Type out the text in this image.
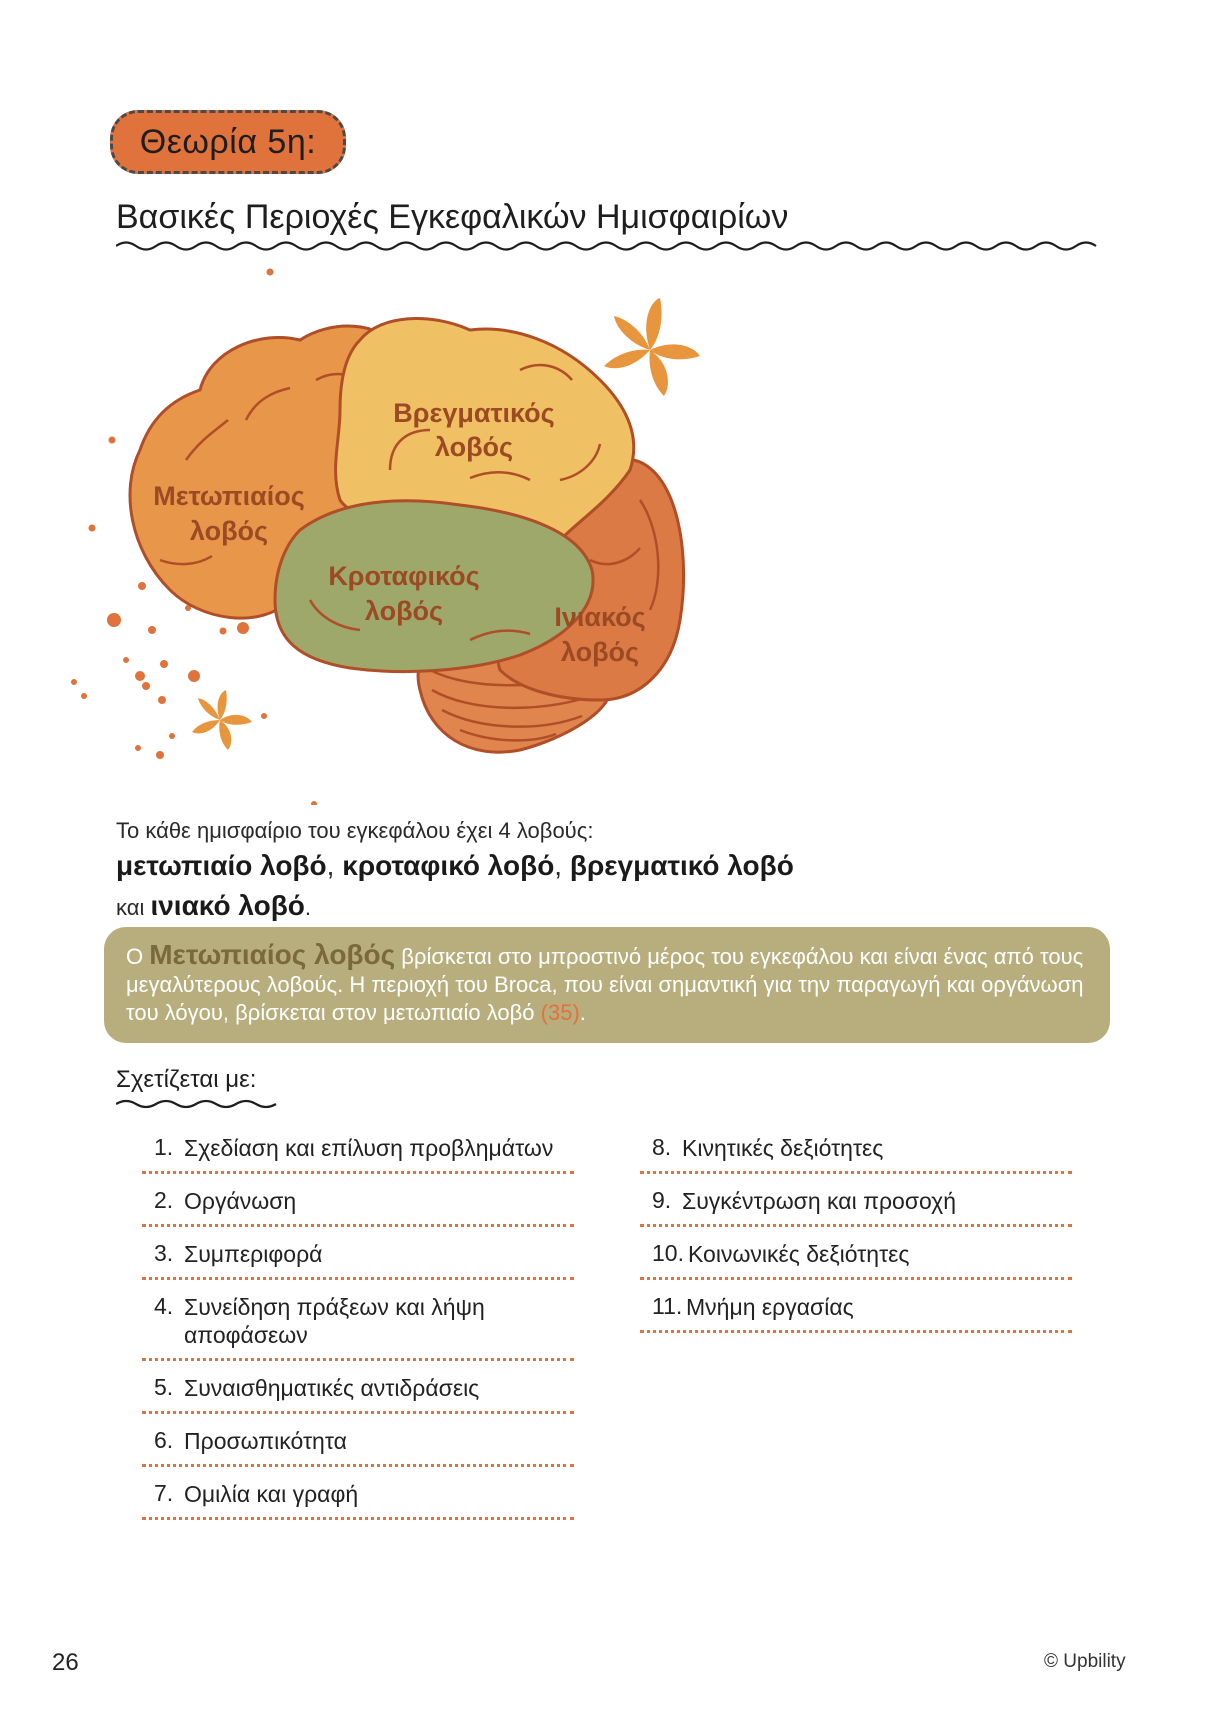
Θεωρία 5η:
Βασικές Περιοχές Εγκεφαλικών Ημισφαιρίων
Μετωπιαίος
λοβός
Βρεγματικός
λοβός
Κροταφικός
λοβός	Ινιακός
λοβός
Το κάθε ημισφαίριο του εγκεφάλου έχει 4 λοβούς:
μετωπιαίο λοβό, κροταφικό λοβό, βρεγματικό λοβό
και ινιακό λοβό.
Ο Μετωπιαίος λοβός βρίσκεται στο μπροστινό μέρος του εγκεφάλου και είναι ένας από τους μεγαλύτερους λοβούς. Η περιοχή του Broca, που είναι σημαντική για την παραγωγή και οργάνωση του λόγου, βρίσκεται στον μετωπιαίο λοβό (35).
Σχετίζεται με:
1. Σχεδίαση και επίλυση προβλημάτων
2. Οργάνωση
3. Συμπεριφορά
4. Συνείδηση πράξεων και λήψη αποφάσεων
5. Συναισθηματικές αντιδράσεις
6. Προσωπικότητα
7. Ομιλία και γραφή
8. Κινητικές δεξιότητες
9. Συγκέντρωση και προσοχή
10. Κοινωνικές δεξιότητες
11. Μνήμη εργασίας
26	© Upbility
